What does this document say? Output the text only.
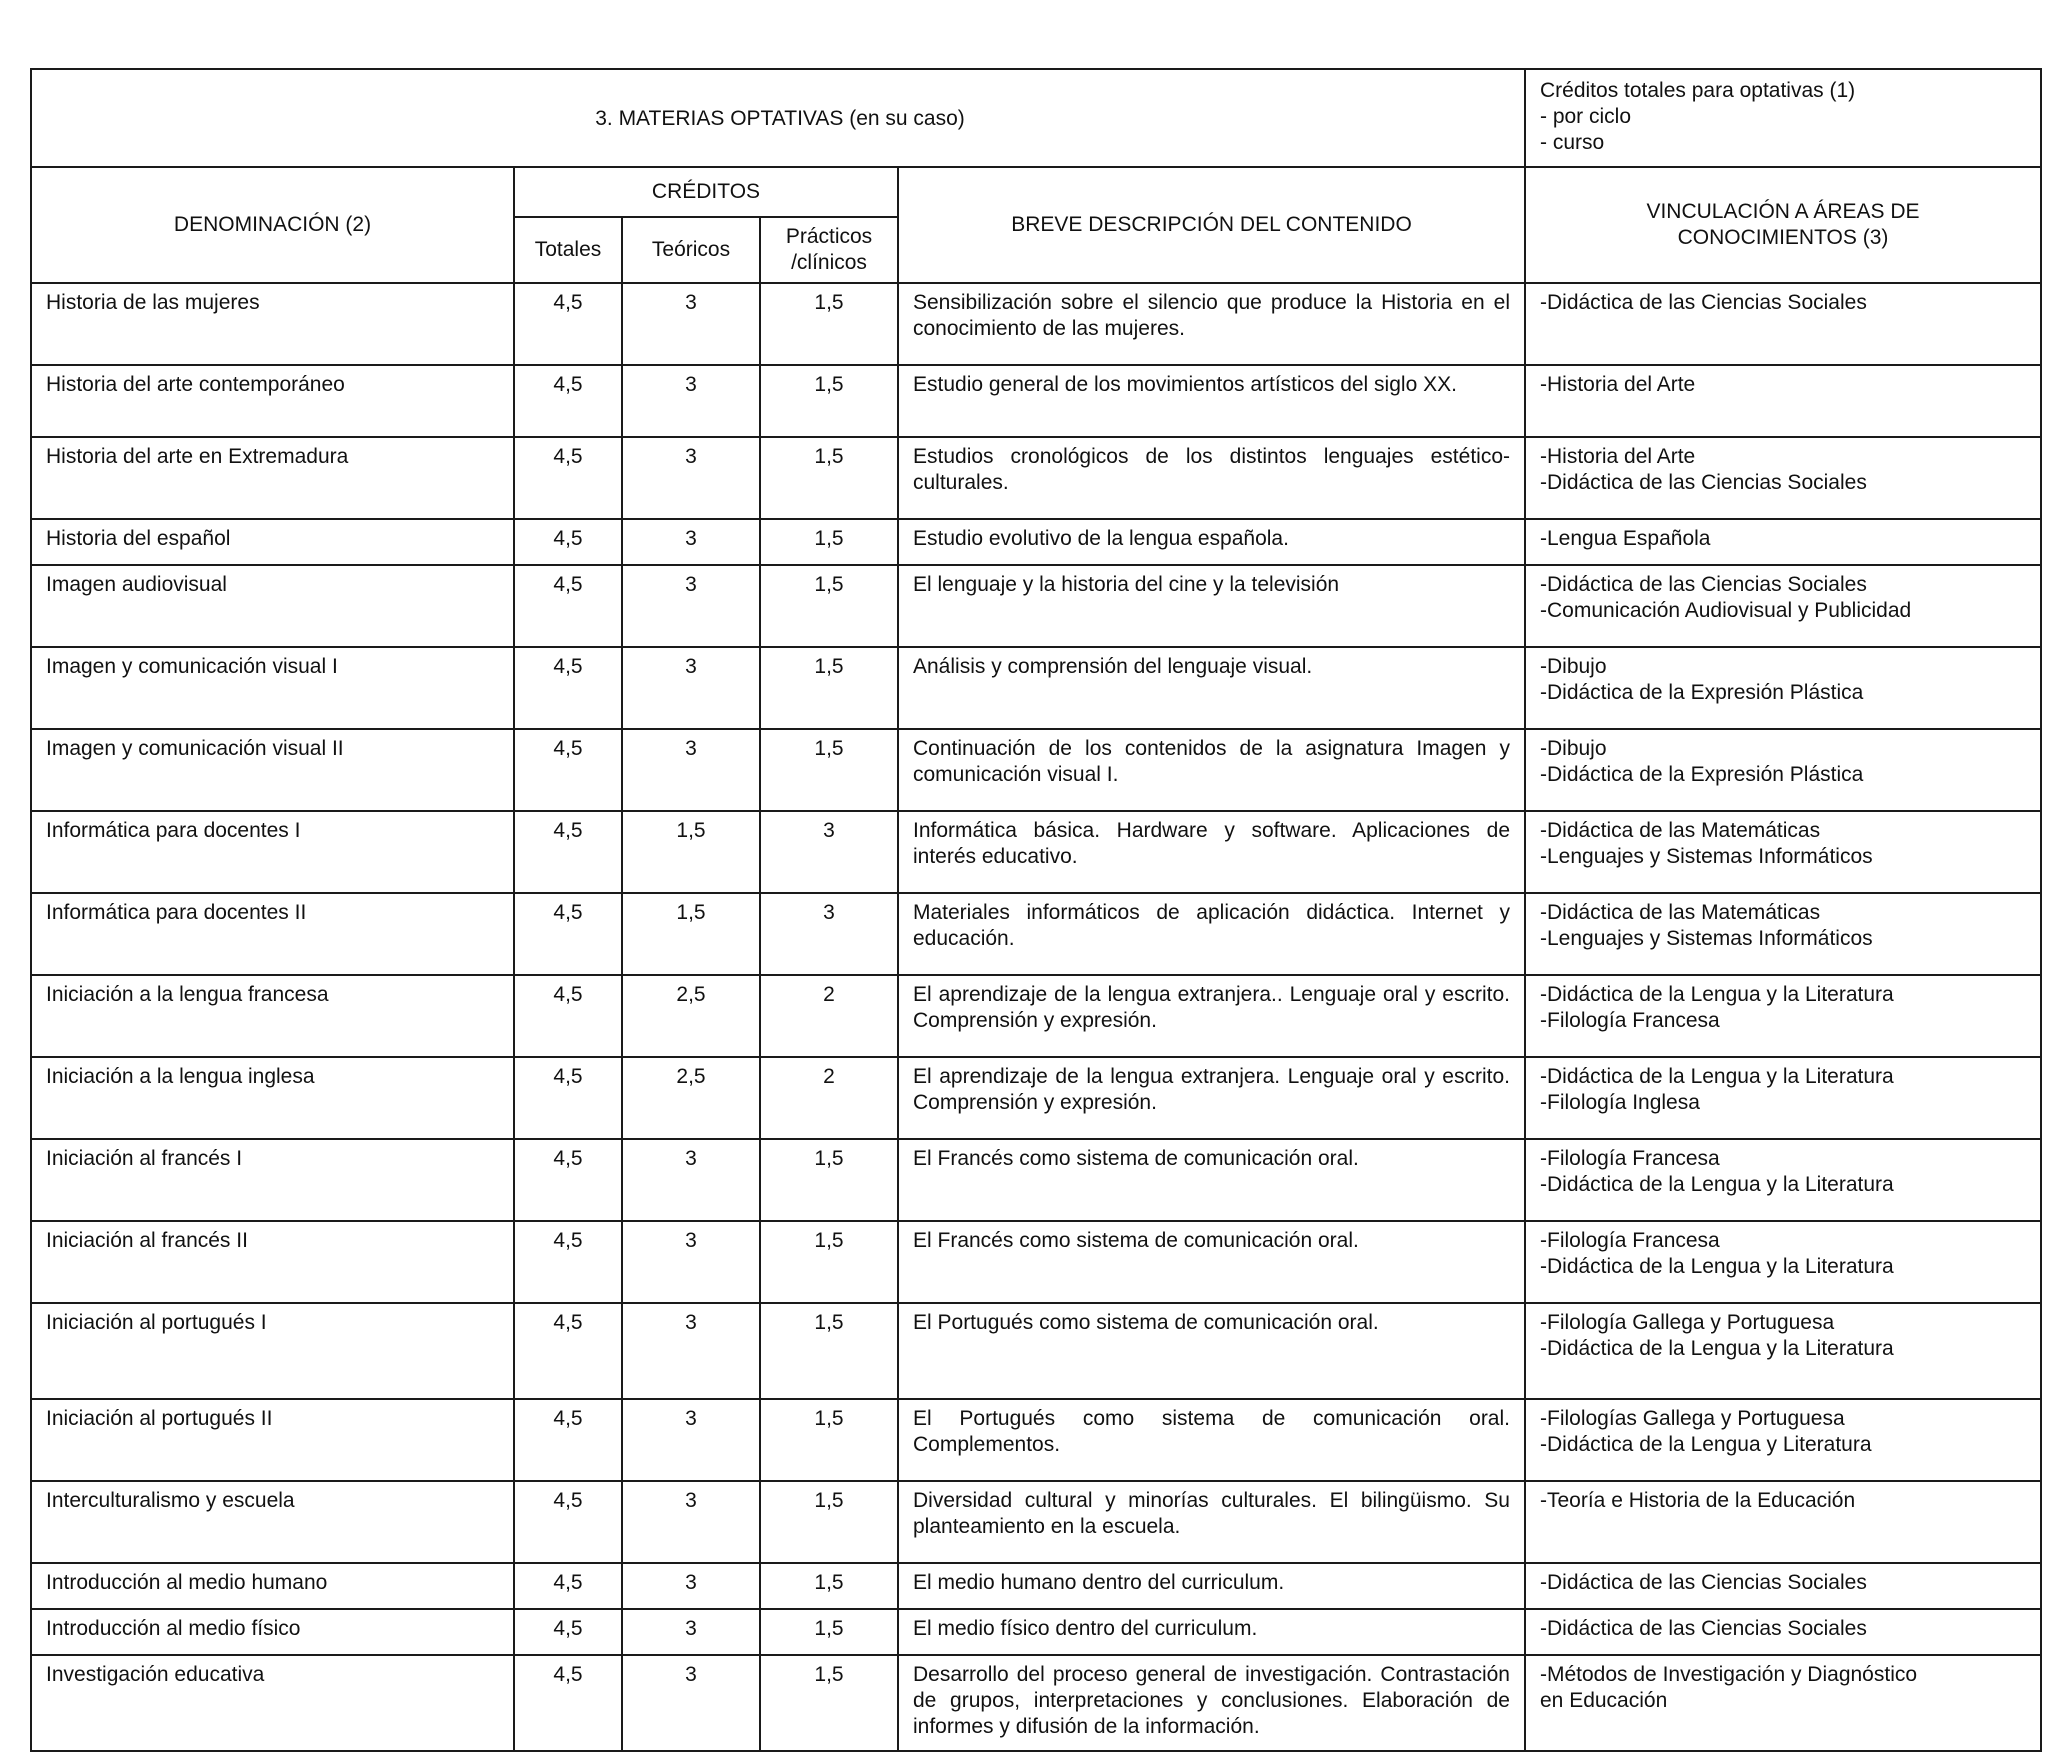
3. MATERIAS OPTATIVAS (en su caso)					Créditos totales para optativas (1)
- por ciclo
- curso

DENOMINACIÓN (2)	CRÉDITOS			BREVE DESCRIPCIÓN DEL CONTENIDO	VINCULACIÓN A ÁREAS DE
CONOCIMIENTOS (3)

	Totales	Teóricos	Prácticos
/clínicos		

Historia de las mujeres	4,5	3	1,5	Sensibilización sobre el silencio que produce la Historia en el conocimiento de las mujeres.	-Didáctica de las Ciencias Sociales

Historia del arte contemporáneo	4,5	3	1,5	Estudio general de los movimientos artísticos del siglo XX.	-Historia del Arte

Historia del arte en Extremadura	4,5	3	1,5	Estudios cronológicos de los distintos lenguajes estético-culturales.	-Historia del Arte
-Didáctica de las Ciencias Sociales

Historia del español	4,5	3	1,5	Estudio evolutivo de la lengua española.	-Lengua Española

Imagen audiovisual	4,5	3	1,5	El lenguaje y la historia del cine y la televisión	-Didáctica de las Ciencias Sociales
-Comunicación Audiovisual y Publicidad

Imagen y comunicación visual I	4,5	3	1,5	Análisis y comprensión del lenguaje visual.	-Dibujo
-Didáctica de la Expresión Plástica

Imagen y comunicación visual II	4,5	3	1,5	Continuación de los contenidos de la asignatura Imagen y comunicación visual I.	-Dibujo
-Didáctica de la Expresión Plástica

Informática para docentes I	4,5	1,5	3	Informática básica. Hardware y software. Aplicaciones de interés educativo.	-Didáctica de las Matemáticas
-Lenguajes y Sistemas Informáticos

Informática para docentes II	4,5	1,5	3	Materiales informáticos de aplicación didáctica. Internet y educación.	-Didáctica de las Matemáticas
-Lenguajes y Sistemas Informáticos

Iniciación a la lengua francesa	4,5	2,5	2	El aprendizaje de la lengua extranjera.. Lenguaje oral y escrito. Comprensión y expresión.	-Didáctica de la Lengua y la Literatura
-Filología Francesa

Iniciación a la lengua inglesa	4,5	2,5	2	El aprendizaje de la lengua extranjera. Lenguaje oral y escrito. Comprensión y expresión.	-Didáctica de la Lengua y la Literatura
-Filología Inglesa

Iniciación al francés I	4,5	3	1,5	El Francés como sistema de comunicación oral.	-Filología Francesa
-Didáctica de la Lengua y la Literatura

Iniciación al francés II	4,5	3	1,5	El Francés como sistema de comunicación oral.	-Filología Francesa
-Didáctica de la Lengua y la Literatura

Iniciación al portugués I	4,5	3	1,5	El Portugués como sistema de comunicación oral.	-Filología Gallega y Portuguesa
-Didáctica de la Lengua y la Literatura

Iniciación al portugués II	4,5	3	1,5	El Portugués como sistema de comunicación oral. Complementos.	-Filologías Gallega y Portuguesa
-Didáctica de la Lengua y Literatura

Interculturalismo y escuela	4,5	3	1,5	Diversidad cultural y minorías culturales. El bilingüismo. Su planteamiento en la escuela.	-Teoría e Historia de la Educación

Introducción al medio humano	4,5	3	1,5	El medio humano dentro del curriculum.	-Didáctica de las Ciencias Sociales

Introducción al medio físico	4,5	3	1,5	El medio físico dentro del curriculum.	-Didáctica de las Ciencias Sociales

Investigación educativa	4,5	3	1,5	Desarrollo del proceso general de investigación. Contrastación de grupos, interpretaciones y conclusiones. Elaboración de informes y difusión de la información.	-Métodos de Investigación y Diagnóstico
en Educación
